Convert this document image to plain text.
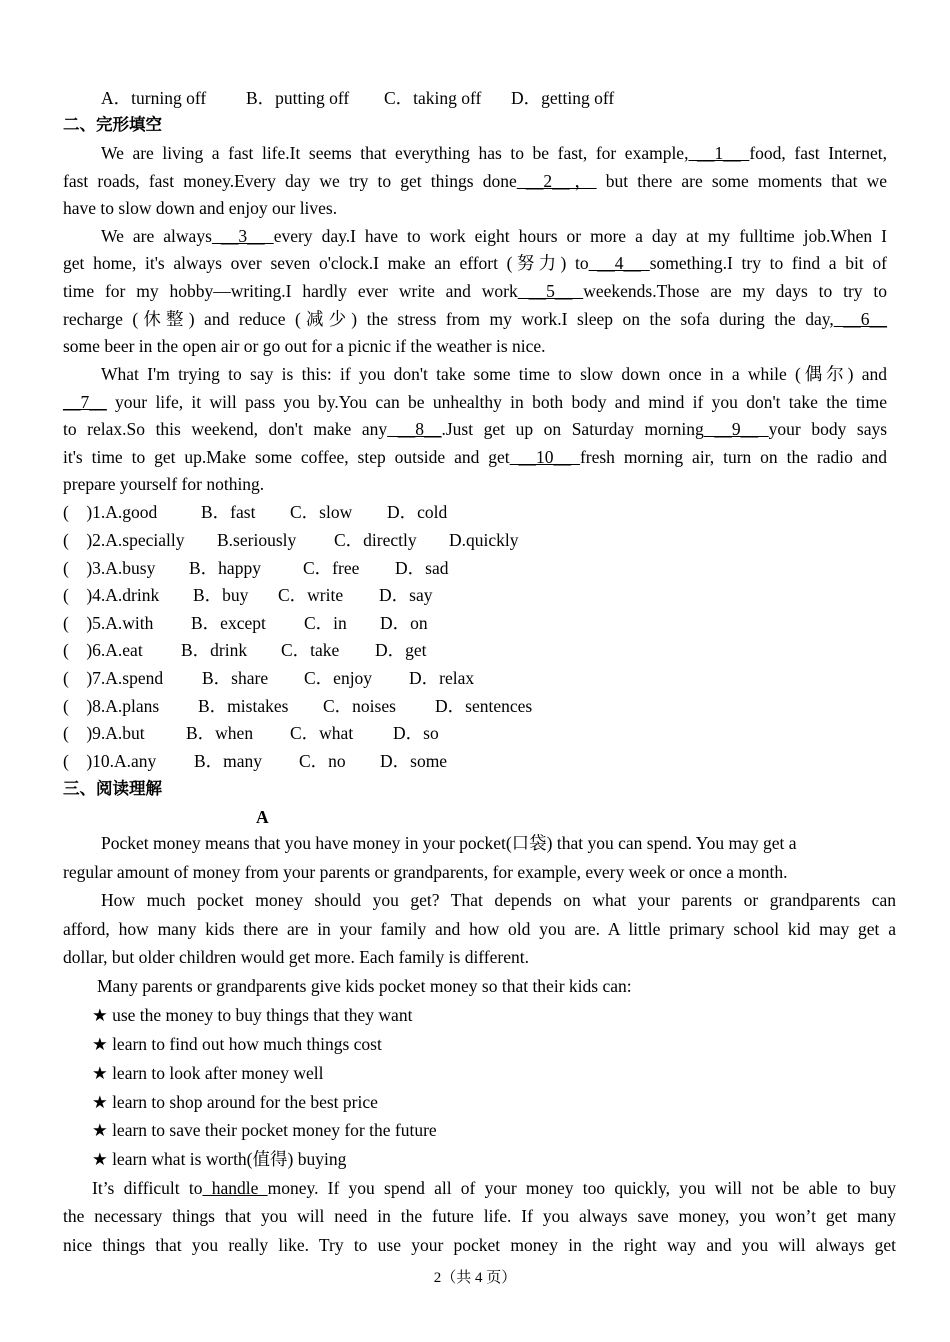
A．turning off B．putting off C．taking off D．getting off
二、完形填空
We are living a fast life.It seems that everything has to be fast, for example, __1__ food, fast Internet,
fast roads, fast money.Every day we try to get things done __2__， but there are some moments that we
have to slow down and enjoy our lives.
We are always __3__ every day.I have to work eight hours or more a day at my fulltime job.When I
get home, it's always over seven o'clock.I make an effort (努力) to __4__ something.I try to find a bit of
time for my hobby—writing.I hardly ever write and work __5__ weekends.Those are my days to try to
recharge (休整) and reduce (减少) the stress from my work.I sleep on the sofa during the day, __6__
some beer in the open air or go out for a picnic if the weather is nice.
What I'm trying to say is this: if you don't take some time to slow down once in a while (偶尔) and
__7__ your life, it will pass you by.You can be unhealthy in both body and mind if you don't take the time
to relax.So this weekend, don't make any __8__.Just get up on Saturday morning __9__ your body says
it's time to get up.Make some coffee, step outside and get __10__ fresh morning air, turn on the radio and
prepare yourself for nothing.
(    )1.A.good B．fast C．slow D．cold
(    )2.A.specially B.seriously C．directly D.quickly
(    )3.A.busy B．happy C．free D．sad
(    )4.A.drink B．buy C．write D．say
(    )5.A.with B．except C．in D．on
(    )6.A.eat B．drink C．take D．get
(    )7.A.spend B．share C．enjoy D．relax
(    )8.A.plans B．mistakes C．noises D．sentences
(    )9.A.but B．when C．what D．so
(    )10.A.any B．many C．no D．some
三、阅读理解
A
Pocket money means that you have money in your pocket(口袋) that you can spend. You may get a
regular amount of money from your parents or grandparents, for example, every week or once a month.
How much pocket money should you get? That depends on what your parents or grandparents can
afford, how many kids there are in your family and how old you are. A little primary school kid may get a
dollar, but older children would get more. Each family is different.
Many parents or grandparents give kids pocket money so that their kids can:
★ use the money to buy things that they want
★ learn to find out how much things cost
★ learn to look after money well
★ learn to shop around for the best price
★ learn to save their pocket money for the future
★ learn what is worth(值得) buying
It’s difficult to handle money. If you spend all of your money too quickly, you will not be able to buy
the necessary things that you will need in the future life. If you always save money, you won’t get many
nice things that you really like. Try to use your pocket money in the right way and you will always get
2（共 4 页）
